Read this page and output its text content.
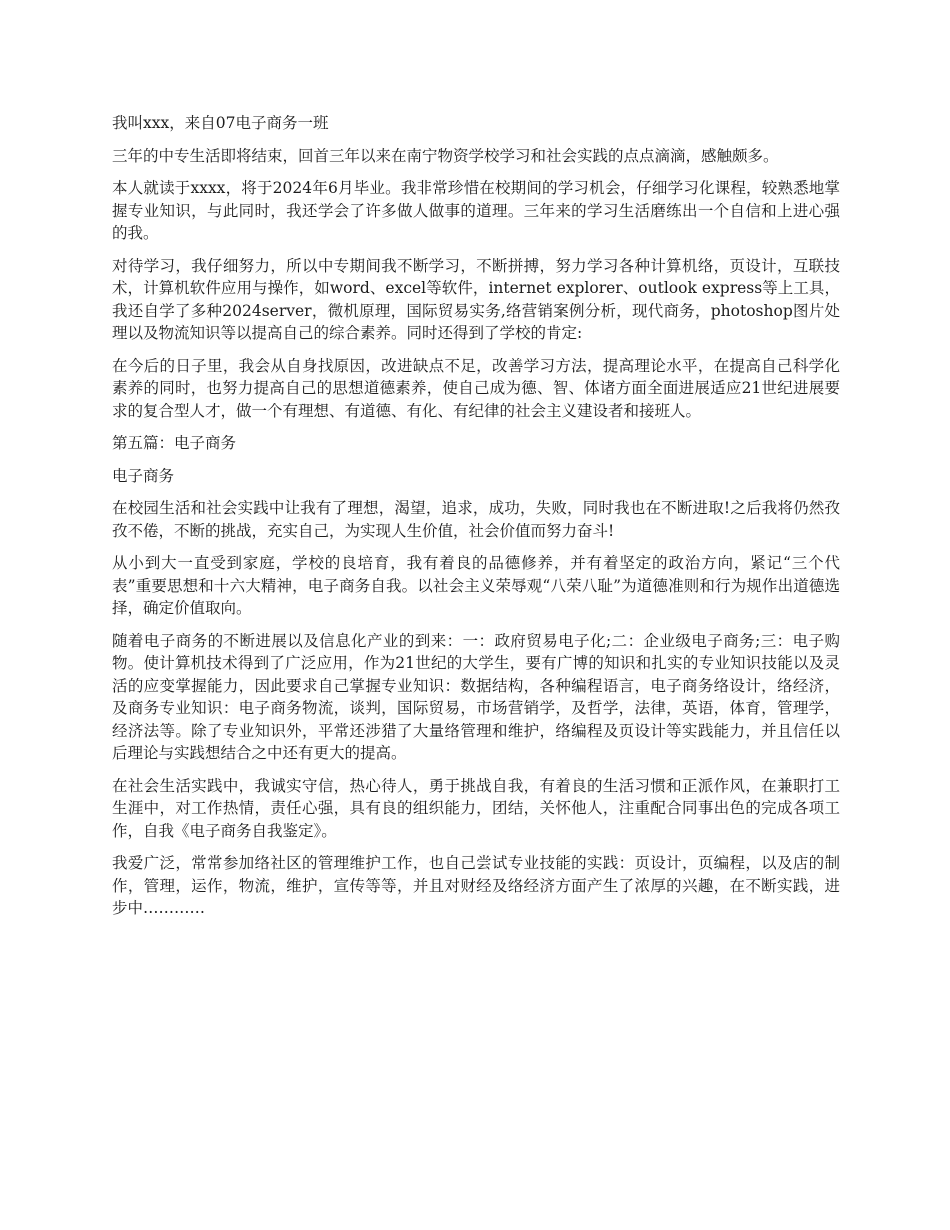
我叫xxx，来自07电子商务一班

三年的中专生活即将结束，回首三年以来在南宁物资学校学习和社会实践的点点滴滴，感触颇多。

本人就读于xxxx，将于2024年6月毕业。我非常珍惜在校期间的学习机会，仔细学习化课程，较熟悉地掌握专业知识，与此同时，我还学会了许多做人做事的道理。三年来的学习生活磨练出一个自信和上进心强的我。

对待学习，我仔细努力，所以中专期间我不断学习，不断拼搏，努力学习各种计算机络，页设计，互联技术，计算机软件应用与操作，如word、excel等软件，internet explorer、outlook express等上工具，我还自学了多种2024server，微机原理，国际贸易实务,络营销案例分析，现代商务，photoshop图片处理以及物流知识等以提高自己的综合素养。同时还得到了学校的肯定:

在今后的日子里，我会从自身找原因，改进缺点不足，改善学习方法，提高理论水平，在提高自己科学化素养的同时，也努力提高自己的思想道德素养，使自己成为德、智、体诸方面全面进展适应21世纪进展要求的复合型人才，做一个有理想、有道德、有化、有纪律的社会主义建设者和接班人。

第五篇：电子商务

电子商务

在校园生活和社会实践中让我有了理想，渴望，追求，成功，失败，同时我也在不断进取!之后我将仍然孜孜不倦，不断的挑战，充实自己，为实现人生价值，社会价值而努力奋斗!

从小到大一直受到家庭，学校的良培育，我有着良的品德修养，并有着坚定的政治方向，紧记“三个代表”重要思想和十六大精神，电子商务自我。以社会主义荣辱观“八荣八耻”为道德准则和行为规作出道德选择，确定价值取向。

随着电子商务的不断进展以及信息化产业的到来：一：政府贸易电子化;二：企业级电子商务;三：电子购物。使计算机技术得到了广泛应用，作为21世纪的大学生，要有广博的知识和扎实的专业知识技能以及灵活的应变掌握能力，因此要求自己掌握专业知识：数据结构，各种编程语言，电子商务络设计，络经济，及商务专业知识：电子商务物流，谈判，国际贸易，市场营销学，及哲学，法律，英语，体育，管理学，经济法等。除了专业知识外，平常还涉猎了大量络管理和维护，络编程及页设计等实践能力，并且信任以后理论与实践想结合之中还有更大的提高。

在社会生活实践中，我诚实守信，热心待人，勇于挑战自我，有着良的生活习惯和正派作风，在兼职打工生涯中，对工作热情，责任心强，具有良的组织能力，团结，关怀他人，注重配合同事出色的完成各项工作，自我《电子商务自我鉴定》。

我爱广泛，常常参加络社区的管理维护工作，也自己尝试专业技能的实践：页设计，页编程，以及店的制作，管理，运作，物流，维护，宣传等等，并且对财经及络经济方面产生了浓厚的兴趣，在不断实践，进步中…………
